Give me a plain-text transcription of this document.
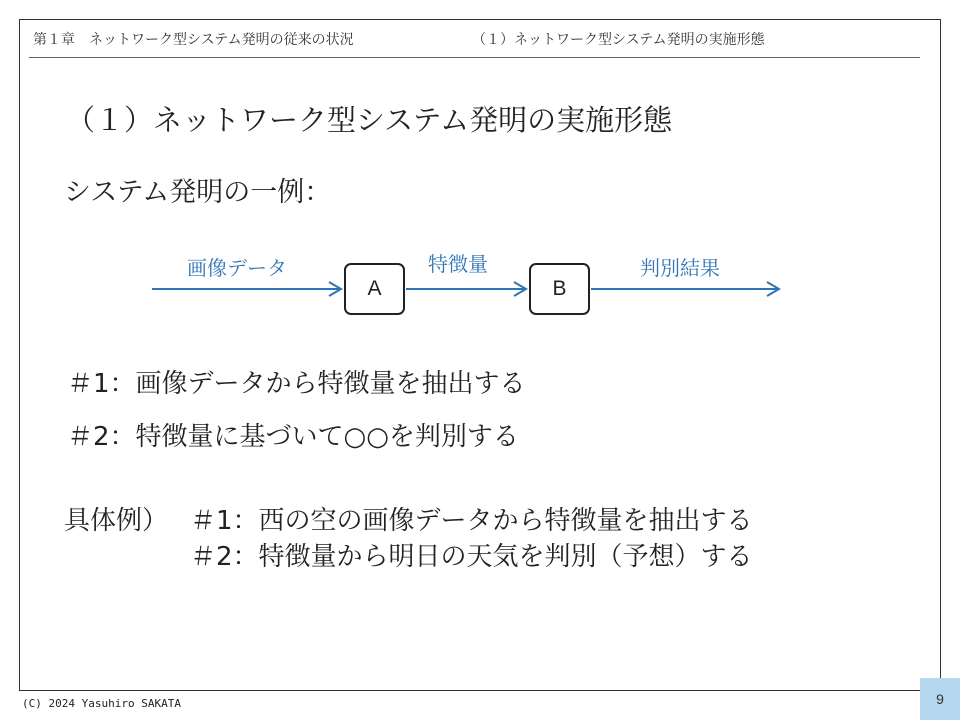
第１章　ネットワーク型システム発明の従来の状況	（１）ネットワーク型システム発明の実施形態
（１）ネットワーク型システム発明の実施形態
システム発明の一例：
画像データ
A
特徴量
B
判別結果
＃1：画像データから特徴量を抽出する
＃2：特徴量に基づいて○○を判別する
具体例） ＃1：西の空の画像データから特徴量を抽出する
＃2：特徴量から明日の天気を判別（予想）する
(C) 2024 Yasuhiro SAKATA	9
